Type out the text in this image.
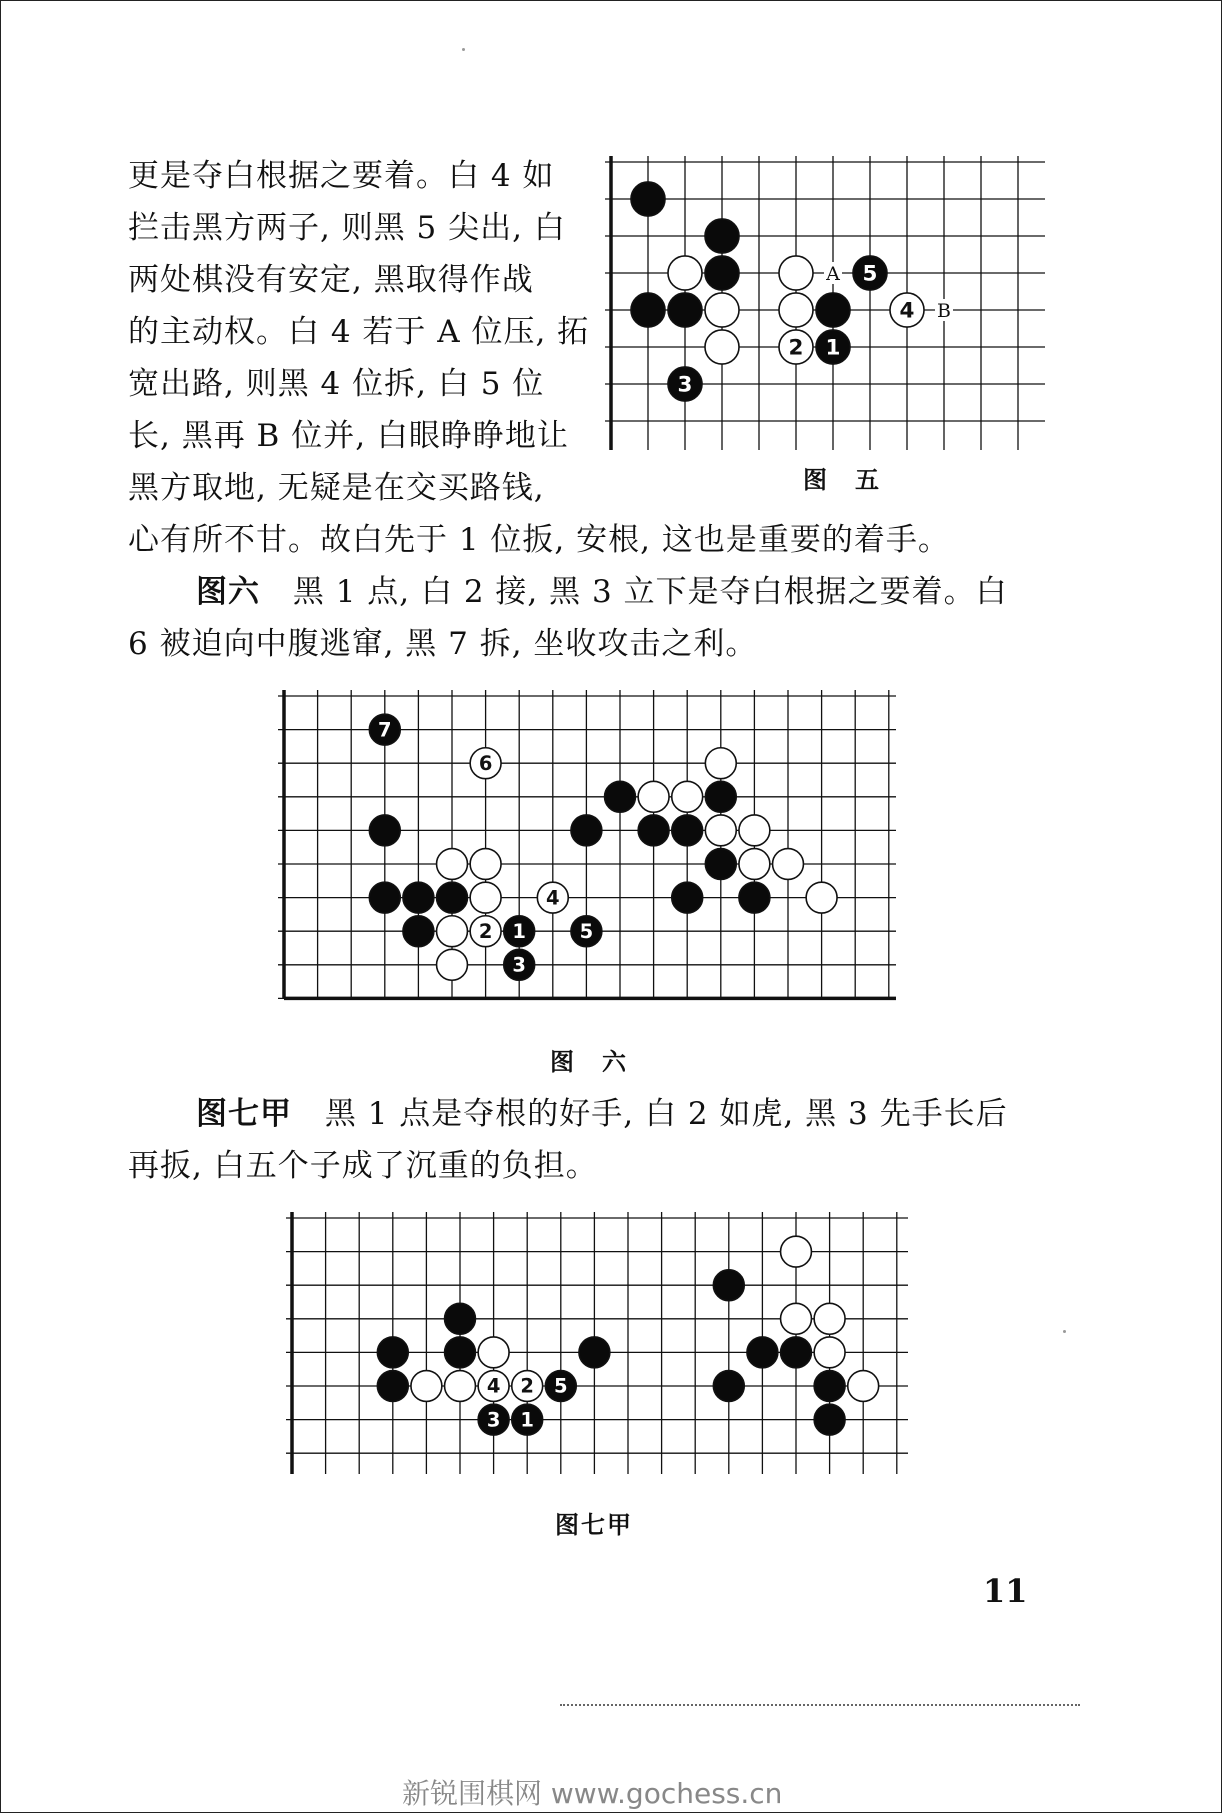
更是夺白根据之要着。白 4 如
拦击黑方两子, 则黑 5 尖出, 白
两处棋没有安定, 黑取得作战
的主动权。白 4 若于 A 位压, 拓
宽出路, 则黑 4 位拆, 白 5 位
长, 黑再 B 位并, 白眼睁睁地让
黑方取地, 无疑是在交买路钱,
心有所不甘。故白先于 1 位扳, 安根, 这也是重要的着手。
A
B
5
4
2 1
3
图　五
图六 黑 1 点, 白 2 接, 黑 3 立下是夺白根据之要着。白
6 被迫向中腹逃窜, 黑 7 拆, 坐收攻击之利。
7
6
4
2 1	5
3
图　六
图七甲 黑 1 点是夺根的好手, 白 2 如虎, 黑 3 先手长后
再扳, 白五个子成了沉重的负担。
4 2 5
3 1
图七甲
11
新锐围棋网 www.gochess.cn
